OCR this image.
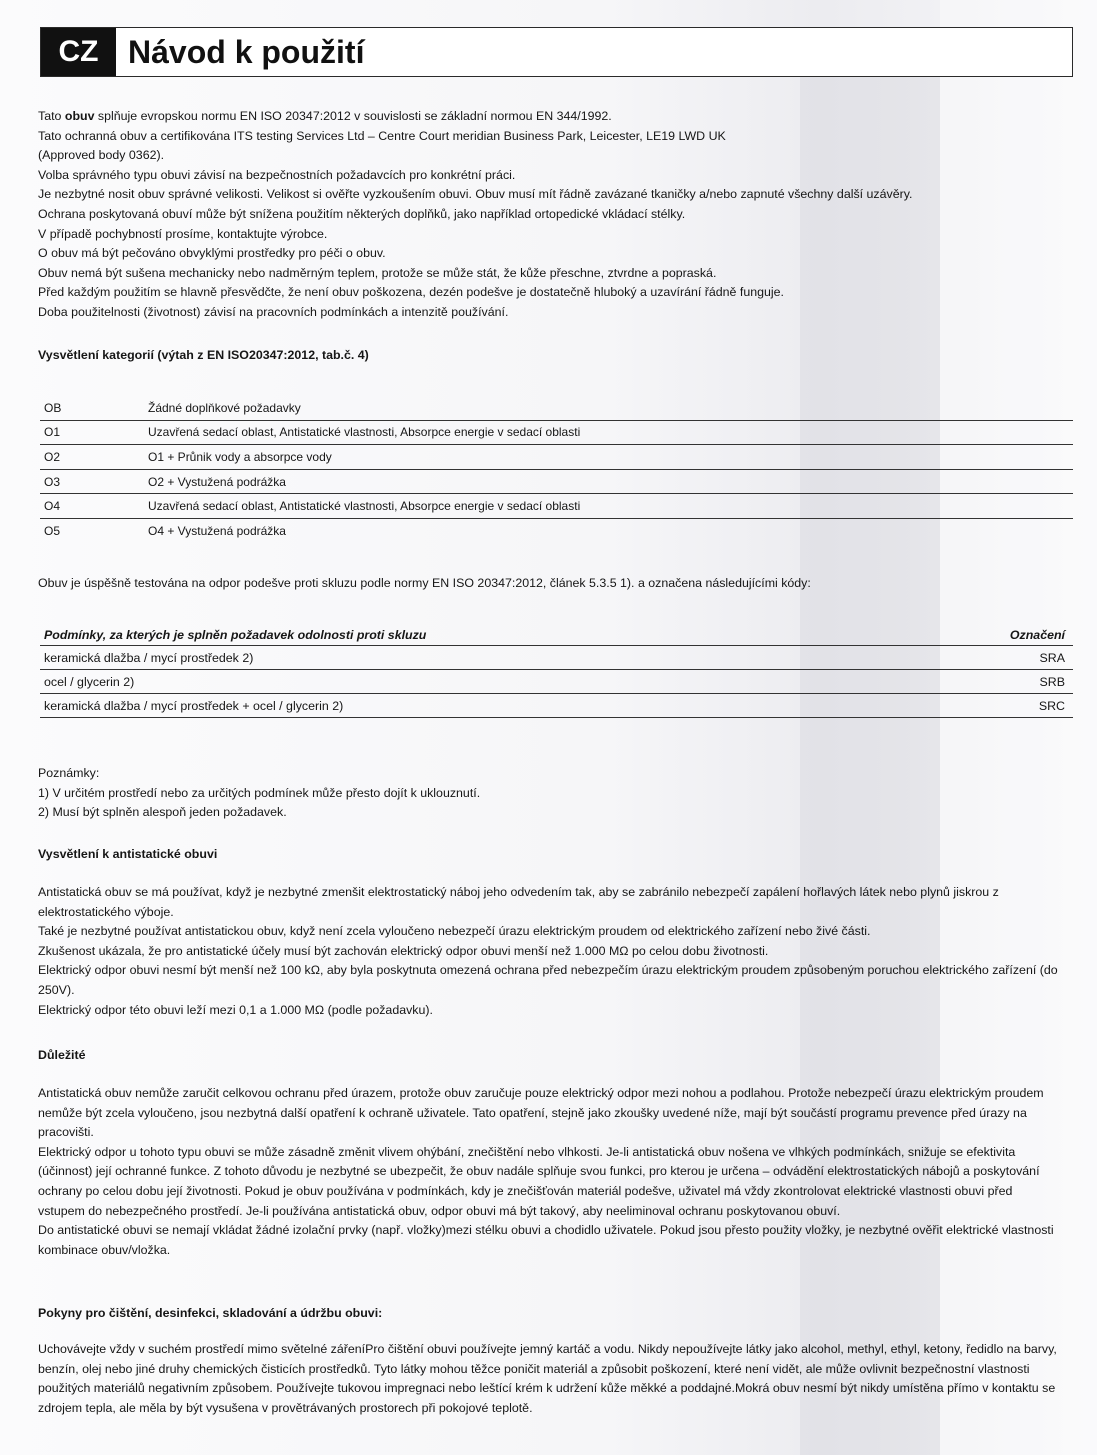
CZ Návod k použití

Tato obuv splňuje evropskou normu EN ISO 20347:2012 v souvislosti se základní normou EN 344/1992.

Tato ochranná obuv a certifikována ITS testing Services Ltd – Centre Court meridian Business Park, Leicester, LE19 LWD UK

(Approved body 0362).

Volba správného typu obuvi závisí na bezpečnostních požadavcích pro konkrétní práci.

Je nezbytné nosit obuv správné velikosti. Velikost si ověřte vyzkoušením obuvi. Obuv musí mít řádně zavázané tkaničky a/nebo zapnuté všechny další uzávěry.

Ochrana poskytovaná obuví může být snížena použitím některých doplňků, jako například ortopedické vkládací stélky.

V případě pochybností prosíme, kontaktujte výrobce.

O obuv má být pečováno obvyklými prostředky pro péči o obuv.

Obuv nemá být sušena mechanicky nebo nadměrným teplem, protože se může stát, že kůže přeschne, ztvrdne a popraská.

Před každým použitím se hlavně přesvědčte, že není obuv poškozena, dezén podešve je dostatečně hluboký a uzavírání řádně funguje.

Doba použitelnosti (životnost) závisí na pracovních podmínkách a intenzitě používání.

Vysvětlení kategorií (výtah z EN ISO20347:2012, tab.č. 4)
OB	Žádné doplňkové požadavky
O1	Uzavřená sedací oblast, Antistatické vlastnosti, Absorpce energie v sedací oblasti
O2	O1 + Průnik vody a absorpce vody
O3	O2 + Vystužená podrážka
O4	Uzavřená sedací oblast, Antistatické vlastnosti, Absorpce energie v sedací oblasti
O5	O4 + Vystužená podrážka
Obuv je úspěšně testována na odpor podešve proti skluzu podle normy EN ISO 20347:2012, článek 5.3.5 1). a označena následujícími kódy:
Podmínky, za kterých je splněn požadavek odolnosti proti skluzu	Označení
keramická dlažba / mycí prostředek 2)	SRA
ocel / glycerin 2)	SRB
keramická dlažba / mycí prostředek + ocel / glycerin 2)	SRC

Poznámky:

1) V určitém prostředí nebo za určitých podmínek může přesto dojít k uklouznutí.

2) Musí být splněn alespoň jeden požadavek.

Vysvětlení k antistatické obuvi

Antistatická obuv se má používat, když je nezbytné zmenšit elektrostatický náboj jeho odvedením tak, aby se zabránilo nebezpečí zapálení hořlavých látek nebo plynů jiskrou z elektrostatického výboje.

Také je nezbytné používat antistatickou obuv, když není zcela vyloučeno nebezpečí úrazu elektrickým proudem od elektrického zařízení nebo živé části.

Zkušenost ukázala, že pro antistatické účely musí být zachován elektrický odpor obuvi menší než 1.000 MΩ po celou dobu životnosti.

Elektrický odpor obuvi nesmí být menší než 100 kΩ, aby byla poskytnuta omezená ochrana před nebezpečím úrazu elektrickým proudem způsobeným poruchou elektrického zařízení (do 250V).

Elektrický odpor této obuvi leží mezi 0,1 a 1.000 MΩ (podle požadavku).

Důležité

Antistatická obuv nemůže zaručit celkovou ochranu před úrazem, protože obuv zaručuje pouze elektrický odpor mezi nohou a podlahou. Protože nebezpečí úrazu elektrickým proudem nemůže být zcela vyloučeno, jsou nezbytná další opatření k ochraně uživatele. Tato opatření, stejně jako zkoušky uvedené níže, mají být součástí programu prevence před úrazy na pracovišti.

Elektrický odpor u tohoto typu obuvi se může zásadně změnit vlivem ohýbání, znečištění nebo vlhkosti. Je-li antistatická obuv nošena ve vlhkých podmínkách, snižuje se efektivita (účinnost) její ochranné funkce. Z tohoto důvodu je nezbytné se ubezpečit, že obuv nadále splňuje svou funkci, pro kterou je určena – odvádění elektrostatických nábojů a poskytování ochrany po celou dobu její životnosti. Pokud je obuv používána v podmínkách, kdy je znečišťován materiál podešve, uživatel má vždy zkontrolovat elektrické vlastnosti obuvi před vstupem do nebezpečného prostředí. Je-li používána antistatická obuv, odpor obuvi má být takový, aby neeliminoval ochranu poskytovanou obuví.

Do antistatické obuvi se nemají vkládat žádné izolační prvky (např. vložky)mezi stélku obuvi a chodidlo uživatele. Pokud jsou přesto použity vložky, je nezbytné ověřit elektrické vlastnosti kombinace obuv/vložka.

Pokyny pro čištění, desinfekci, skladování a údržbu obuvi:

Uchovávejte vždy v suchém prostředí mimo světelné zářeníPro čištění obuvi používejte jemný kartáč a vodu. Nikdy nepoužívejte látky jako alcohol, methyl, ethyl, ketony, ředidlo na barvy, benzín, olej nebo jiné druhy chemických čisticích prostředků. Tyto látky mohou těžce poničit materiál a způsobit poškození, které není vidět, ale může ovlivnit bezpečnostní vlastnosti použitých materiálů negativním způsobem. Používejte tukovou impregnaci nebo leštící krém k udržení kůže měkké a poddajné.Mokrá obuv nesmí být nikdy umístěna přímo v kontaktu se zdrojem tepla, ale měla by být vysušena v provětrávaných prostorech při pokojové teplotě.
